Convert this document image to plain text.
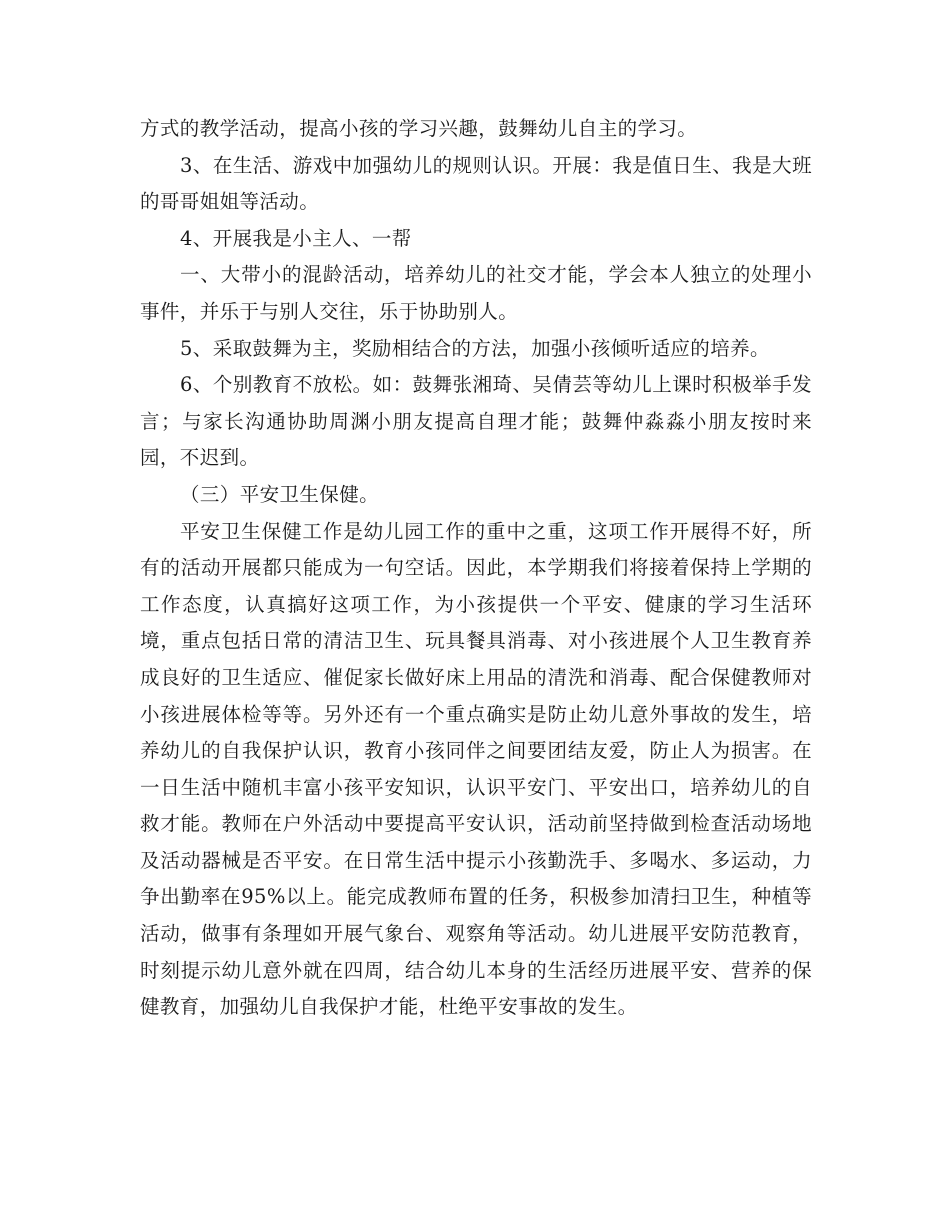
方式的教学活动，提高小孩的学习兴趣，鼓舞幼儿自主的学习。

3、在生活、游戏中加强幼儿的规则认识。开展：我是值日生、我是大班的哥哥姐姐等活动。

4、开展我是小主人、一帮

一、大带小的混龄活动，培养幼儿的社交才能，学会本人独立的处理小事件，并乐于与别人交往，乐于协助别人。

5、采取鼓舞为主，奖励相结合的方法，加强小孩倾听适应的培养。

6、个别教育不放松。如：鼓舞张湘琦、吴倩芸等幼儿上课时积极举手发言；与家长沟通协助周渊小朋友提高自理才能；鼓舞仲淼淼小朋友按时来园，不迟到。

（三）平安卫生保健。

平安卫生保健工作是幼儿园工作的重中之重，这项工作开展得不好，所有的活动开展都只能成为一句空话。因此，本学期我们将接着保持上学期的工作态度，认真搞好这项工作，为小孩提供一个平安、健康的学习生活环境，重点包括日常的清洁卫生、玩具餐具消毒、对小孩进展个人卫生教育养成良好的卫生适应、催促家长做好床上用品的清洗和消毒、配合保健教师对小孩进展体检等等。另外还有一个重点确实是防止幼儿意外事故的发生，培养幼儿的自我保护认识，教育小孩同伴之间要团结友爱，防止人为损害。在一日生活中随机丰富小孩平安知识，认识平安门、平安出口，培养幼儿的自救才能。教师在户外活动中要提高平安认识，活动前坚持做到检查活动场地及活动器械是否平安。在日常生活中提示小孩勤洗手、多喝水、多运动，力争出勤率在95%以上。能完成教师布置的任务，积极参加清扫卫生，种植等活动，做事有条理如开展气象台、观察角等活动。幼儿进展平安防范教育，时刻提示幼儿意外就在四周，结合幼儿本身的生活经历进展平安、营养的保健教育，加强幼儿自我保护才能，杜绝平安事故的发生。
